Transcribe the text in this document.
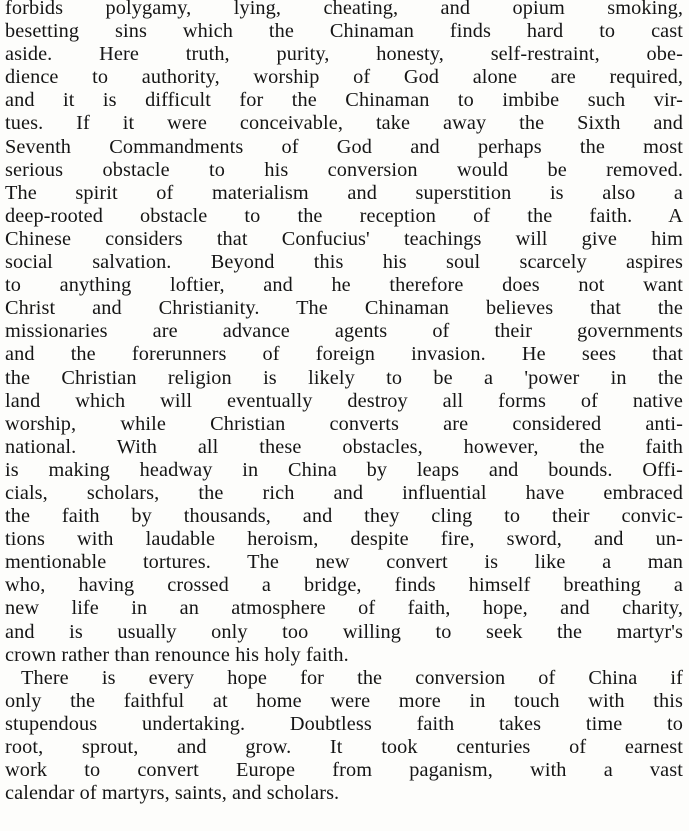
forbids polygamy, lying, cheating, and opium smoking,
besetting sins which the Chinaman finds hard to cast
aside. Here truth, purity, honesty, self-restraint, obe-
dience to authority, worship of God alone are required,
and it is difficult for the Chinaman to imbibe such vir-
tues. If it were conceivable, take away the Sixth and
Seventh Commandments of God and perhaps the most
serious obstacle to his conversion would be removed.
The spirit of materialism and superstition is also a
deep-rooted obstacle to the reception of the faith. A
Chinese considers that Confucius' teachings will give him
social salvation. Beyond this his soul scarcely aspires
to anything loftier, and he therefore does not want
Christ and Christianity. The Chinaman believes that the
missionaries are advance agents of their governments
and the forerunners of foreign invasion. He sees that
the Christian religion is likely to be a 'power in the
land which will eventually destroy all forms of native
worship, while Christian converts are considered anti-
national. With all these obstacles, however, the faith
is making headway in China by leaps and bounds. Offi-
cials, scholars, the rich and influential have embraced
the faith by thousands, and they cling to their convic-
tions with laudable heroism, despite fire, sword, and un-
mentionable tortures. The new convert is like a man
who, having crossed a bridge, finds himself breathing a
new life in an atmosphere of faith, hope, and charity,
and is usually only too willing to seek the martyr's
crown rather than renounce his holy faith.
There is every hope for the conversion of China if
only the faithful at home were more in touch with this
stupendous undertaking. Doubtless faith takes time to
root, sprout, and grow. It took centuries of earnest
work to convert Europe from paganism, with a vast
calendar of martyrs, saints, and scholars.
